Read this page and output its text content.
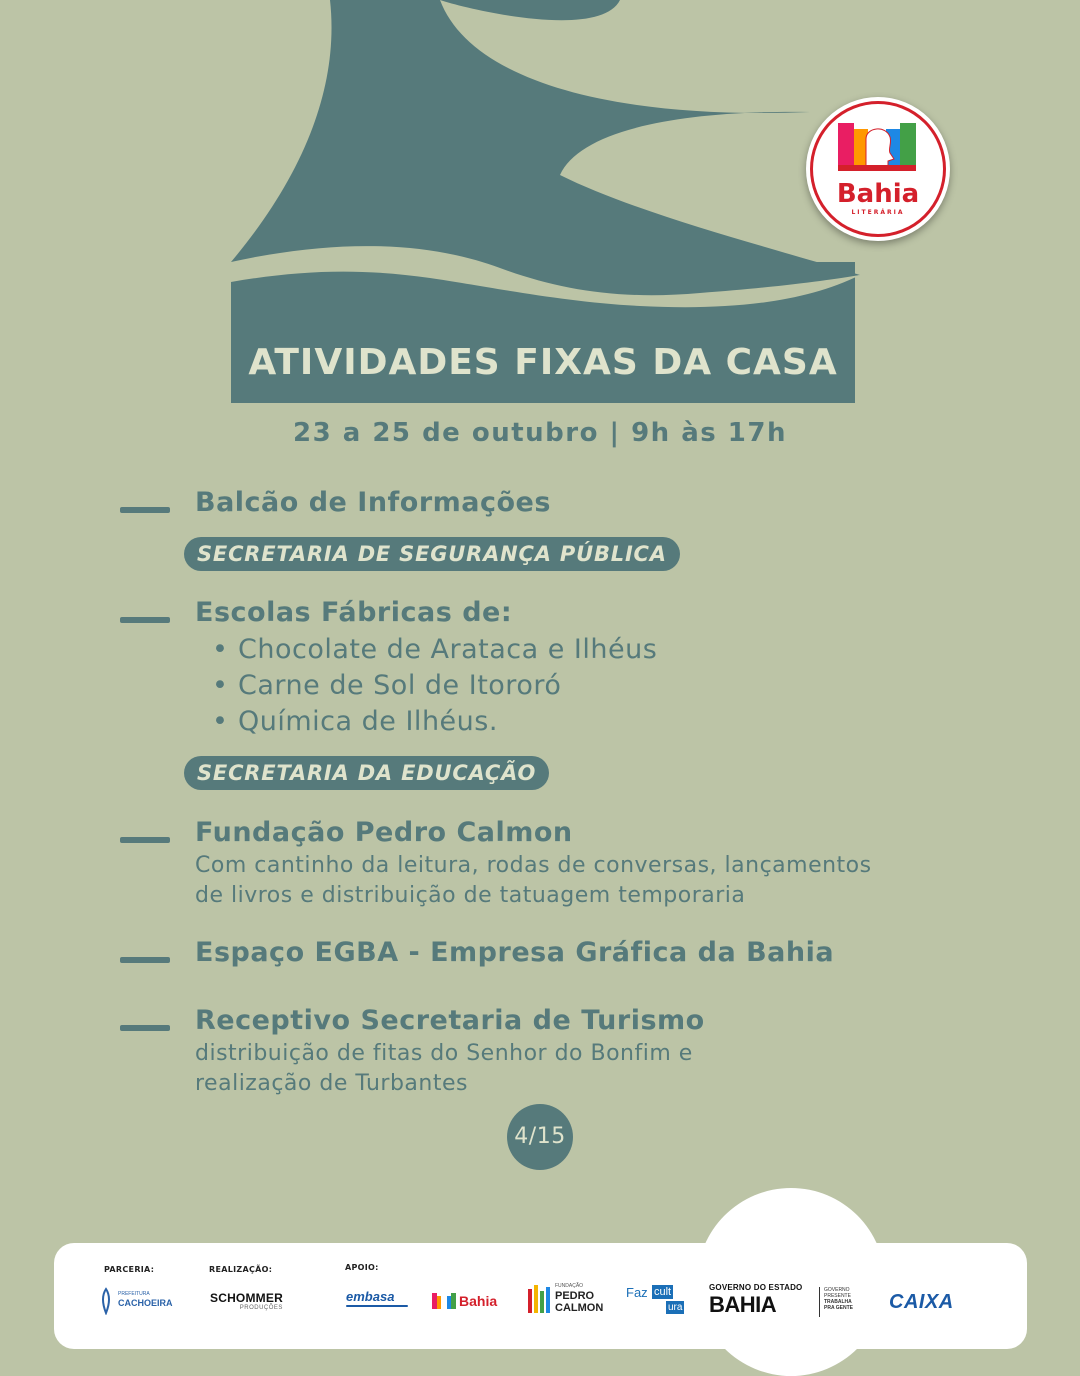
ATIVIDADES FIXAS DA CASA
23 a 25 de outubro | 9h às 17h
Bahia
LITERÁRIA
Balcão de Informações
SECRETARIA DE SEGURANÇA PÚBLICA
Escolas Fábricas de:
• Chocolate de Arataca e Ilhéus
• Carne de Sol de Itororó
• Química de Ilhéus.
SECRETARIA DA EDUCAÇÃO
Fundação Pedro Calmon
Com cantinho da leitura, rodas de conversas, lançamentos
de livros e distribuição de tatuagem temporaria
Espaço EGBA - Empresa Gráfica da Bahia
Receptivo Secretaria de Turismo
distribuição de fitas do Senhor do Bonfim e
realização de Turbantes
4/15
PARCERIA:	REALIZAÇÃO:	APOIO:
PREFEITURA
CACHOEIRA	SCHOMMER
PRODUÇÕES
embasa	Bahia
FUNDAÇÃO
PEDRO
CALMON
Faz cult
ura
GOVERNO DO ESTADO
BAHIA
GOVERNO
PRESENTE
TRABALHA
PRA GENTE CAIXA
